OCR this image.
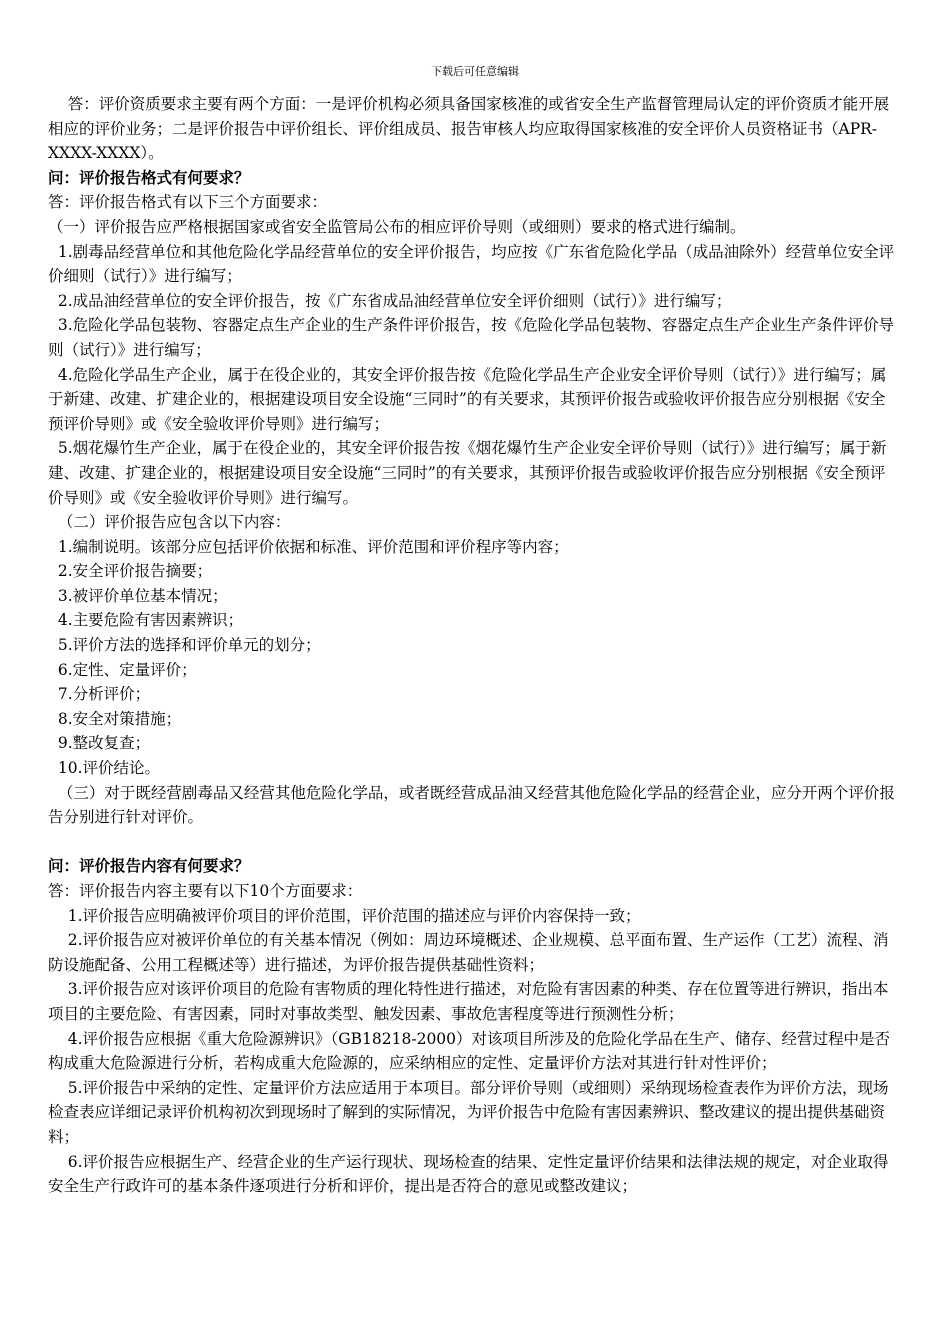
下载后可任意编辑

答：评价资质要求主要有两个方面：一是评价机构必须具备国家核准的或省安全生产监督管理局认定的评价资质才能开展相应的评价业务；二是评价报告中评价组长、评价组成员、报告审核人均应取得国家核准的安全评价人员资格证书（APR-XXXX-XXXX）。

问：评价报告格式有何要求？

答：评价报告格式有以下三个方面要求：

（一）评价报告应严格根据国家或省安全监管局公布的相应评价导则（或细则）要求的格式进行编制。

1.剧毒品经营单位和其他危险化学品经营单位的安全评价报告，均应按《广东省危险化学品（成品油除外）经营单位安全评价细则（试行）》进行编写；

2.成品油经营单位的安全评价报告，按《广东省成品油经营单位安全评价细则（试行）》进行编写；

3.危险化学品包装物、容器定点生产企业的生产条件评价报告，按《危险化学品包装物、容器定点生产企业生产条件评价导则（试行）》进行编写；

4.危险化学品生产企业，属于在役企业的，其安全评价报告按《危险化学品生产企业安全评价导则（试行）》进行编写；属于新建、改建、扩建企业的，根据建设项目安全设施“三同时”的有关要求，其预评价报告或验收评价报告应分别根据《安全预评价导则》或《安全验收评价导则》进行编写；

5.烟花爆竹生产企业，属于在役企业的，其安全评价报告按《烟花爆竹生产企业安全评价导则（试行）》进行编写；属于新建、改建、扩建企业的，根据建设项目安全设施“三同时”的有关要求，其预评价报告或验收评价报告应分别根据《安全预评价导则》或《安全验收评价导则》进行编写。

（二）评价报告应包含以下内容：

1.编制说明。该部分应包括评价依据和标准、评价范围和评价程序等内容；

2.安全评价报告摘要；

3.被评价单位基本情况；

4.主要危险有害因素辨识；

5.评价方法的选择和评价单元的划分；

6.定性、定量评价；

7.分析评价；

8.安全对策措施；

9.整改复查；

10.评价结论。

（三）对于既经营剧毒品又经营其他危险化学品，或者既经营成品油又经营其他危险化学品的经营企业，应分开两个评价报告分别进行针对评价。

问：评价报告内容有何要求？

答：评价报告内容主要有以下10个方面要求：

1.评价报告应明确被评价项目的评价范围，评价范围的描述应与评价内容保持一致；

2.评价报告应对被评价单位的有关基本情况（例如：周边环境概述、企业规模、总平面布置、生产运作（工艺）流程、消防设施配备、公用工程概述等）进行描述，为评价报告提供基础性资料；

3.评价报告应对该评价项目的危险有害物质的理化特性进行描述，对危险有害因素的种类、存在位置等进行辨识，指出本项目的主要危险、有害因素，同时对事故类型、触发因素、事故危害程度等进行预测性分析；

4.评价报告应根据《重大危险源辨识》（GB18218-2000）对该项目所涉及的危险化学品在生产、储存、经营过程中是否构成重大危险源进行分析，若构成重大危险源的，应采纳相应的定性、定量评价方法对其进行针对性评价；

5.评价报告中采纳的定性、定量评价方法应适用于本项目。部分评价导则（或细则）采纳现场检查表作为评价方法，现场检查表应详细记录评价机构初次到现场时了解到的实际情况，为评价报告中危险有害因素辨识、整改建议的提出提供基础资料；

6.评价报告应根据生产、经营企业的生产运行现状、现场检查的结果、定性定量评价结果和法律法规的规定，对企业取得安全生产行政许可的基本条件逐项进行分析和评价，提出是否符合的意见或整改建议；
